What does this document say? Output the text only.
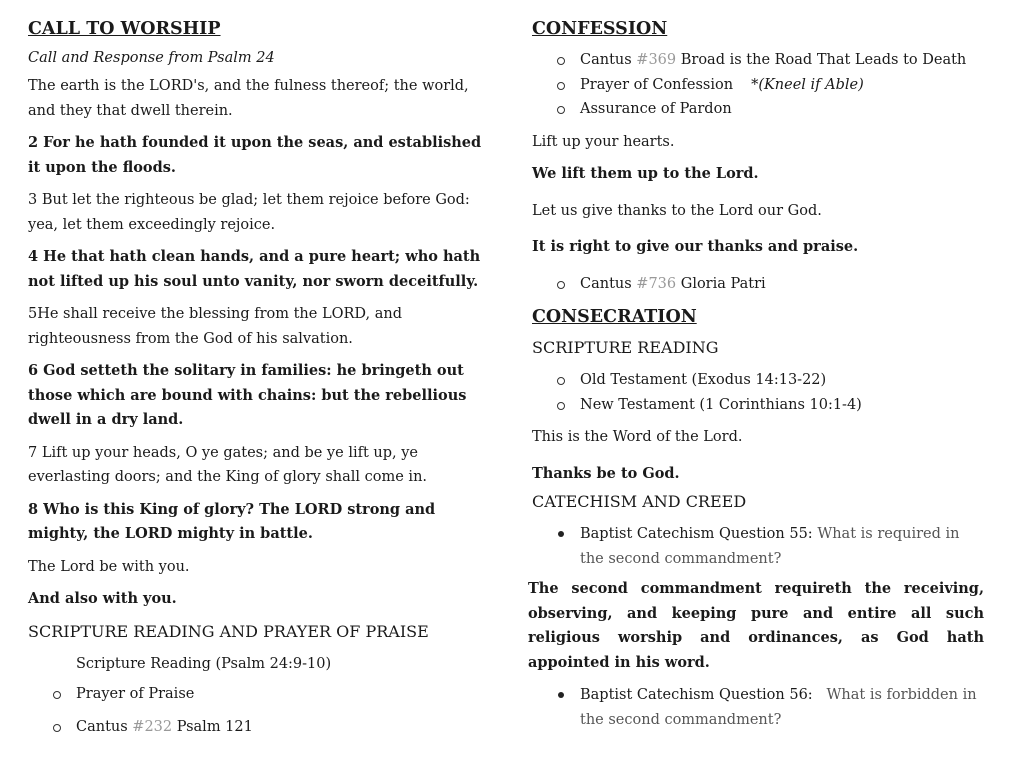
CALL TO WORSHIP
Call and Response from Psalm 24

The earth is the LORD's, and the fulness thereof; the world, and they that dwell therein.

2 For he hath founded it upon the seas, and established it upon the floods.

3 But let the righteous be glad; let them rejoice before God: yea, let them exceedingly rejoice.

4 He that hath clean hands, and a pure heart; who hath not lifted up his soul unto vanity, nor sworn deceitfully.

5He shall receive the blessing from the LORD, and righteousness from the God of his salvation.

6 God setteth the solitary in families: he bringeth out those which are bound with chains: but the rebellious dwell in a dry land.

7 Lift up your heads, O ye gates; and be ye lift up, ye everlasting doors; and the King of glory shall come in.

8 Who is this King of glory? The LORD strong and mighty, the LORD mighty in battle.

The Lord be with you.

And also with you.

SCRIPTURE READING AND PRAYER OF PRAISE
Scripture Reading (Psalm 24:9-10)
Prayer of Praise
Cantus #232 Psalm 121
CONFESSION
Cantus #369 Broad is the Road That Leads to Death
Prayer of Confession *(Kneel if Able)
Assurance of Pardon

Lift up your hearts.

We lift them up to the Lord.

Let us give thanks to the Lord our God.

It is right to give our thanks and praise.

Cantus #736 Gloria Patri
CONSECRATION
SCRIPTURE READING
Old Testament (Exodus 14:13-22)
New Testament (1 Corinthians 10:1-4)

This is the Word of the Lord.

Thanks be to God.

CATECHISM AND CREED
Baptist Catechism Question 55: What is required in the second commandment?

The second commandment requireth the receiving, observing, and keeping pure and entire all such religious worship and ordinances, as God hath appointed in his word.

Baptist Catechism Question 56:   What is forbidden in the second commandment?
